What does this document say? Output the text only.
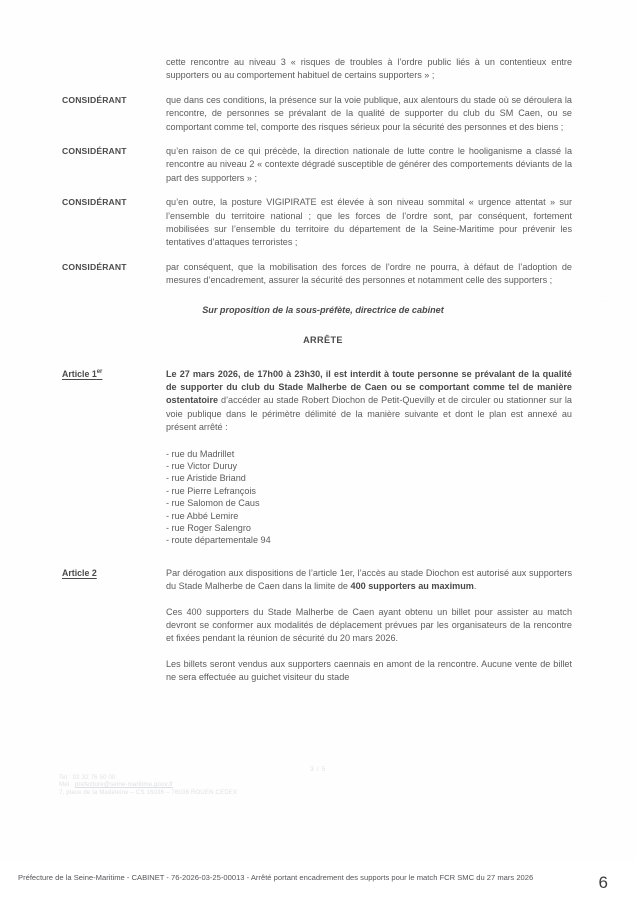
cette rencontre au niveau 3 « risques de troubles à l’ordre public liés à un contentieux entre supporters ou au comportement habituel de certains supporters » ;
CONSIDÉRANT	que dans ces conditions, la présence sur la voie publique, aux alentours du stade où se déroulera la rencontre, de personnes se prévalant de la qualité de supporter du club du SM Caen, ou se comportant comme tel, comporte des risques sérieux pour la sécurité des personnes et des biens ;
CONSIDÉRANT	qu’en raison de ce qui précède, la direction nationale de lutte contre le hooliganisme a classé la rencontre au niveau 2 « contexte dégradé susceptible de générer des comportements déviants de la part des supporters » ;
CONSIDÉRANT	qu’en outre, la posture VIGIPIRATE est élevée à son niveau sommital « urgence attentat » sur l’ensemble du territoire national ; que les forces de l’ordre sont, par conséquent, fortement mobilisées sur l’ensemble du territoire du département de la Seine-Maritime pour prévenir les tentatives d’attaques terroristes ;
CONSIDÉRANT	par conséquent, que la mobilisation des forces de l’ordre ne pourra, à défaut de l’adoption de mesures d’encadrement, assurer la sécurité des personnes et notamment celle des supporters ;
Sur proposition de la sous-préfète, directrice de cabinet
ARRÊTE
Article 1er	Le 27 mars 2026, de 17h00 à 23h30, il est interdit à toute personne se prévalant de la qualité de supporter du club du Stade Malherbe de Caen ou se comportant comme tel de manière ostentatoire d’accéder au stade Robert Diochon de Petit-Quevilly et de circuler ou stationner sur la voie publique dans le périmètre délimité de la manière suivante et dont le plan est annexé au présent arrêté :

- rue du Madrillet
- rue Victor Duruy
- rue Aristide Briand
- rue Pierre Lefrançois
- rue Salomon de Caus
- rue Abbé Lemire
- rue Roger Salengro
- route départementale 94
Article 2	Par dérogation aux dispositions de l’article 1er, l’accès au stade Diochon est autorisé aux supporters du Stade Malherbe de Caen dans la limite de 400 supporters au maximum.

Ces 400 supporters du Stade Malherbe de Caen ayant obtenu un billet pour assister au match devront se conformer aux modalités de déplacement prévues par les organisateurs de la rencontre et fixées pendant la réunion de sécurité du 20 mars 2026.

Les billets seront vendus aux supporters caennais en amont de la rencontre. Aucune vente de billet ne sera effectuée au guichet visiteur du stade

··
3 / 5
Tel : 02 32 76 50 00
Mel : prefecture@seine-maritime.gouv.fr
7, place de la Madeleine – CS 16036 – 76036 ROUEN CEDEX
Préfecture de la Seine-Maritime - CABINET - 76-2026-03-25-00013 - Arrêté portant encadrement des supports pour le match FCR SMC du 27 mars 2026	6
